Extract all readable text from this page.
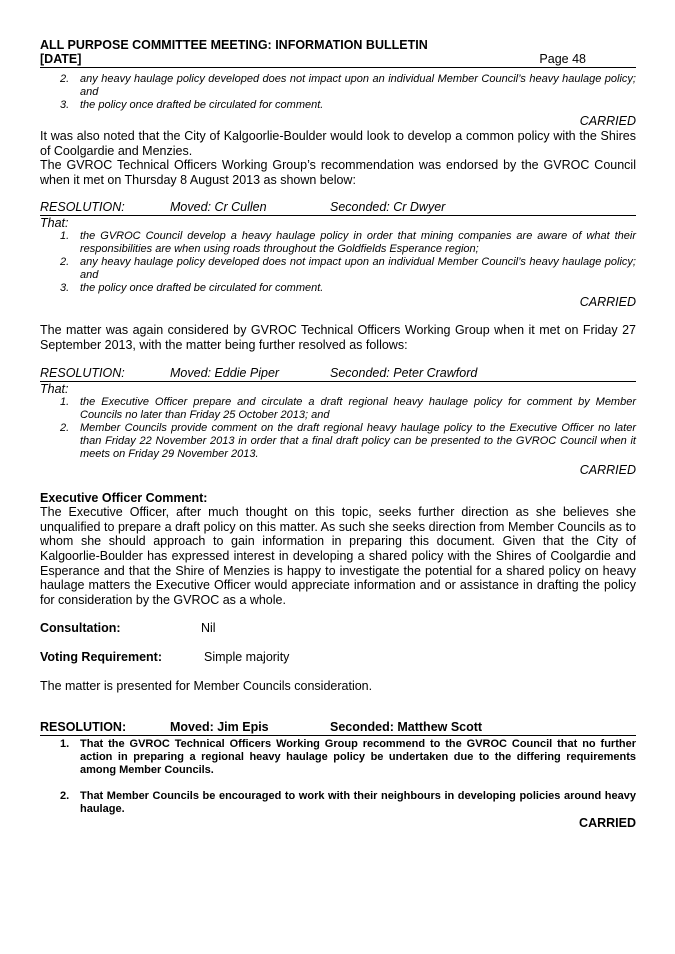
ALL PURPOSE COMMITTEE MEETING: INFORMATION BULLETIN
[DATE]	Page 48
2. any heavy haulage policy developed does not impact upon an individual Member Council’s heavy haulage policy; and
3. the policy once drafted be circulated for comment.
CARRIED
It was also noted that the City of Kalgoorlie-Boulder would look to develop a common policy with the Shires of Coolgardie and Menzies.
The GVROC Technical Officers Working Group’s recommendation was endorsed by the GVROC Council when it met on Thursday 8 August 2013 as shown below:
RESOLUTION:	Moved: Cr Cullen	Seconded: Cr Dwyer
That:
1. the GVROC Council develop a heavy haulage policy in order that mining companies are aware of what their responsibilities are when using roads throughout the Goldfields Esperance region;
2. any heavy haulage policy developed does not impact upon an individual Member Council’s heavy haulage policy; and
3. the policy once drafted be circulated for comment.
CARRIED
The matter was again considered by GVROC Technical Officers Working Group when it met on Friday 27 September 2013, with the matter being further resolved as follows:
RESOLUTION:	Moved: Eddie Piper	Seconded: Peter Crawford
That:
1. the Executive Officer prepare and circulate a draft regional heavy haulage policy for comment by Member Councils no later than Friday 25 October 2013; and
2. Member Councils provide comment on the draft regional heavy haulage policy to the Executive Officer no later than Friday 22 November 2013 in order that a final draft policy can be presented to the GVROC Council when it meets on Friday 29 November 2013.
CARRIED
Executive Officer Comment:
The Executive Officer, after much thought on this topic, seeks further direction as she believes she unqualified to prepare a draft policy on this matter. As such she seeks direction from Member Councils as to whom she should approach to gain information in preparing this document. Given that the City of Kalgoorlie-Boulder has expressed interest in developing a shared policy with the Shires of Coolgardie and Esperance and that the Shire of Menzies is happy to investigate the potential for a shared policy on heavy haulage matters the Executive Officer would appreciate information and or assistance in drafting the policy for consideration by the GVROC as a whole.
Consultation:	Nil
Voting Requirement:	Simple majority
The matter is presented for Member Councils consideration.
RESOLUTION:	Moved: Jim Epis	Seconded: Matthew Scott
1. That the GVROC Technical Officers Working Group recommend to the GVROC Council that no further action in preparing a regional heavy haulage policy be undertaken due to the differing requirements among Member Councils.
2. That Member Councils be encouraged to work with their neighbours in developing policies around heavy haulage.
CARRIED
